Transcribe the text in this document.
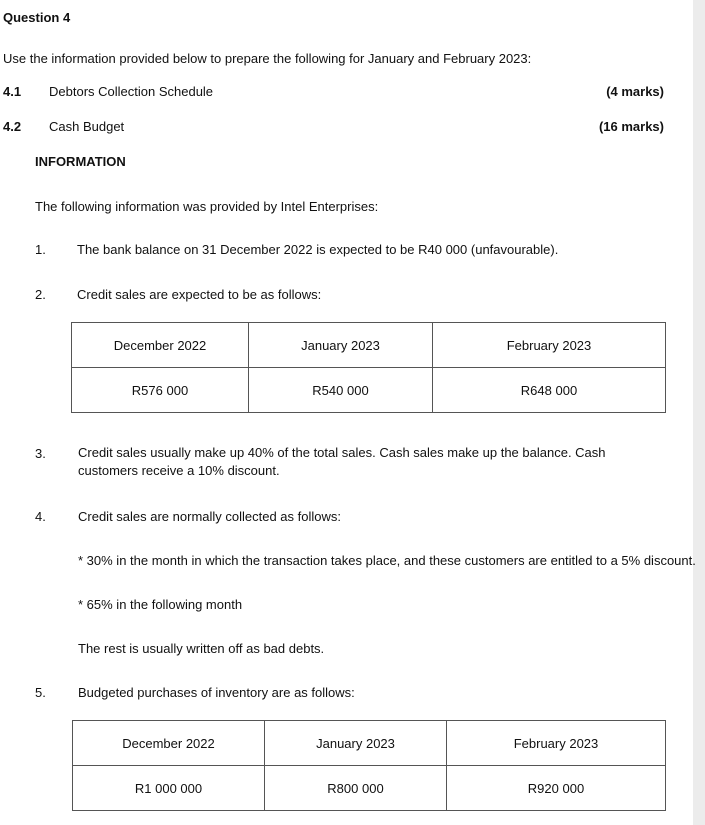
Question 4
Use the information provided below to prepare the following for January and February 2023:
4.1 Debtors Collection Schedule	(4 marks)
4.2 Cash Budget	(16 marks)
INFORMATION
The following information was provided by Intel Enterprises:
1. The bank balance on 31 December 2022 is expected to be R40 000 (unfavourable).
2. Credit sales are expected to be as follows:
December 2022	January 2023	February 2023
R576 000	R540 000	R648 000
3. Credit sales usually make up 40% of the total sales. Cash sales make up the balance. Cash customers receive a 10% discount.
4. Credit sales are normally collected as follows:
* 30% in the month in which the transaction takes place, and these customers are entitled to a 5% discount.
* 65% in the following month
The rest is usually written off as bad debts.
5. Budgeted purchases of inventory are as follows:
December 2022	January 2023	February 2023
R1 000 000	R800 000	R920 000
